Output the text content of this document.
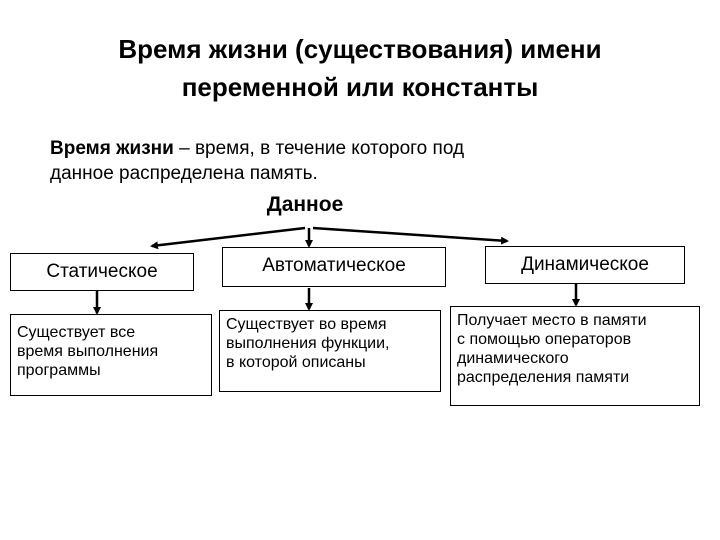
Время жизни (существования) имени
переменной или константы
Время жизни – время, в течение которого под
данное распределена память.
Данное
Статическое	Автоматическое	Динамическое
Существует все
время выполнения
программы
Существует во время
выполнения функции,
в которой описаны
Получает место в памяти
с помощью операторов
динамического
распределения памяти
